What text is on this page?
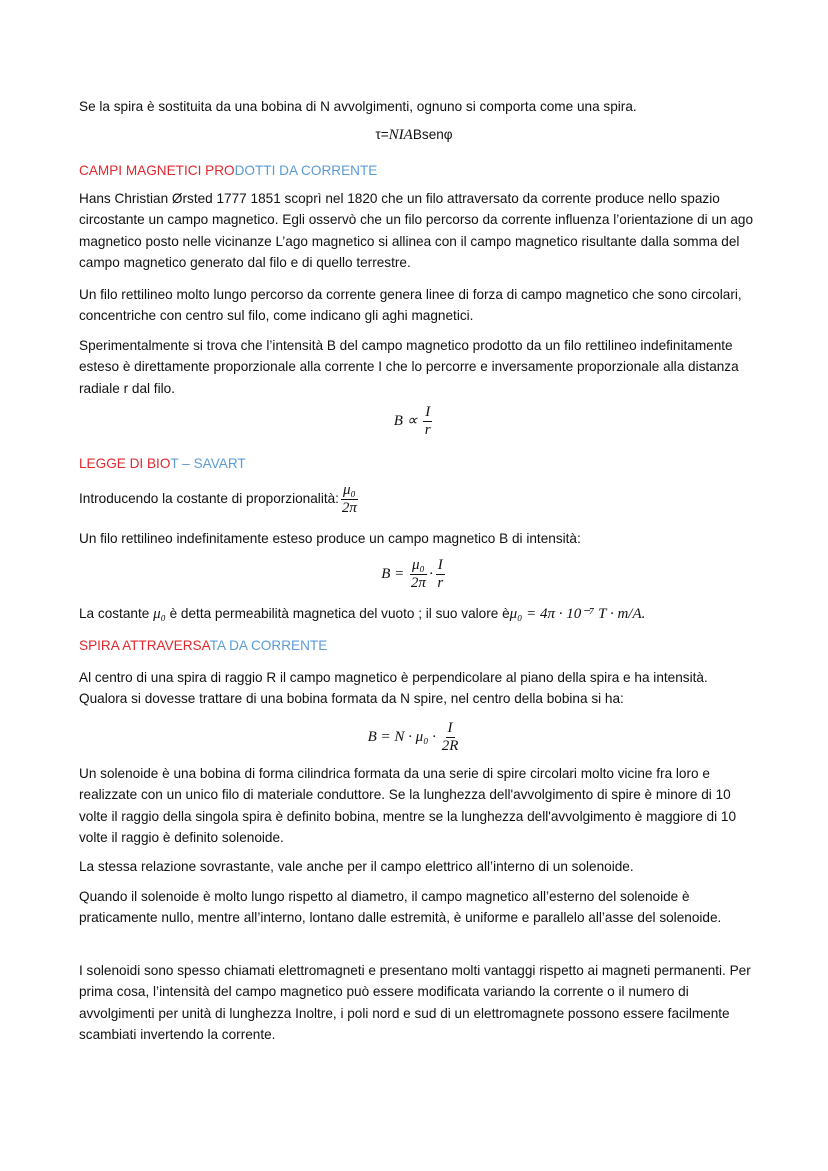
Se la spira è sostituita da una bobina di N avvolgimenti, ognuno si comporta come una spira.
τ=NIABsenφ
CAMPI MAGNETICI PRODOTTI DA CORRENTE
Hans Christian Ørsted 1777 1851 scoprì nel 1820 che un filo attraversato da corrente produce nello spazio circostante un campo magnetico. Egli osservò che un filo percorso da corrente influenza l’orientazione di un ago magnetico posto nelle vicinanze L’ago magnetico si allinea con il campo magnetico risultante dalla somma del campo magnetico generato dal filo e di quello terrestre.
Un filo rettilineo molto lungo percorso da corrente genera linee di forza di campo magnetico che sono circolari, concentriche con centro sul filo, come indicano gli aghi magnetici.
Sperimentalmente si trova che l’intensità B del campo magnetico prodotto da un filo rettilineo indefinitamente esteso è direttamente proporzionale alla corrente I che lo percorre e inversamente proporzionale alla distanza radiale r dal filo.
$B \propto \frac{I}{r}$
LEGGE DI BIOT – SAVART
Introducendo la costante di proporzionalità: $\frac{\text{μ₀}}{2\pi}$
Un filo rettilineo indefinitamente esteso produce un campo magnetico B di intensità:
$B = \frac{\text{μ₀}}{2\pi} \cdot \frac{I}{r}$
La costante μ₀ è detta permeabilità magnetica del vuoto ; il suo valore èμ₀ = 4π · 10⁻⁷ T · m/A.
SPIRA ATTRAVERSATA DA CORRENTE
Al centro di una spira di raggio R il campo magnetico è perpendicolare al piano della spira e ha intensità. Qualora si dovesse trattare di una bobina formata da N spire, nel centro della bobina si ha:
$B = N \cdot \mu_0 \cdot \frac{I}{2R}$
Un solenoide è una bobina di forma cilindrica formata da una serie di spire circolari molto vicine fra loro e realizzate con un unico filo di materiale conduttore. Se la lunghezza dell'avvolgimento di spire è minore di 10 volte il raggio della singola spira è definito bobina, mentre se la lunghezza dell'avvolgimento è maggiore di 10 volte il raggio è definito solenoide.
La stessa relazione sovrastante, vale anche per il campo elettrico all’interno di un solenoide.
Quando il solenoide è molto lungo rispetto al diametro, il campo magnetico all’esterno del solenoide è praticamente nullo, mentre all’interno, lontano dalle estremità, è uniforme e parallelo all’asse del solenoide.
I solenoidi sono spesso chiamati elettromagneti e presentano molti vantaggi rispetto ai magneti permanenti. Per prima cosa, l’intensità del campo magnetico può essere modificata variando la corrente o il numero di avvolgimenti per unità di lunghezza Inoltre, i poli nord e sud di un elettromagnete possono essere facilmente scambiati invertendo la corrente.
